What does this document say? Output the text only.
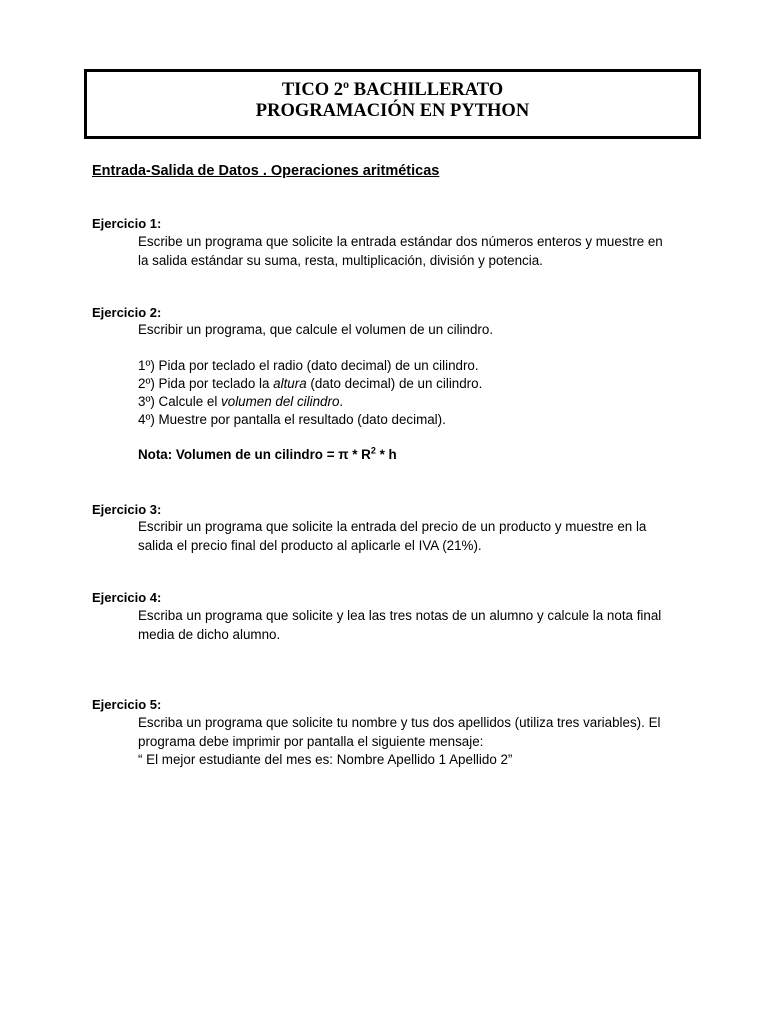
TICO 2º BACHILLERATO
PROGRAMACIÓN EN PYTHON
Entrada-Salida de Datos . Operaciones aritméticas
Ejercicio 1:
Escribe un programa que solicite la entrada estándar dos números enteros y muestre en
la salida estándar su suma, resta, multiplicación, división y potencia.
Ejercicio 2:
Escribir un programa, que calcule el volumen de un cilindro.
1º) Pida por teclado el radio (dato decimal) de un cilindro.
2º) Pida por teclado la altura (dato decimal) de un cilindro.
3º) Calcule el volumen del cilindro.
4º) Muestre por pantalla el resultado (dato decimal).
Nota: Volumen de un cilindro = π * $R^2$ * h
Ejercicio 3:
Escribir un programa que solicite la entrada del precio de un producto y muestre en la
salida el precio final del producto al aplicarle el IVA (21%).
Ejercicio 4:
Escriba un programa que solicite y lea las tres notas de un alumno y calcule la nota final
media de dicho alumno.
Ejercicio 5:
Escriba un programa que solicite tu nombre y tus dos apellidos (utiliza tres variables). El
programa debe imprimir por pantalla el siguiente mensaje:
“ El mejor estudiante del mes es: Nombre Apellido 1 Apellido 2”
